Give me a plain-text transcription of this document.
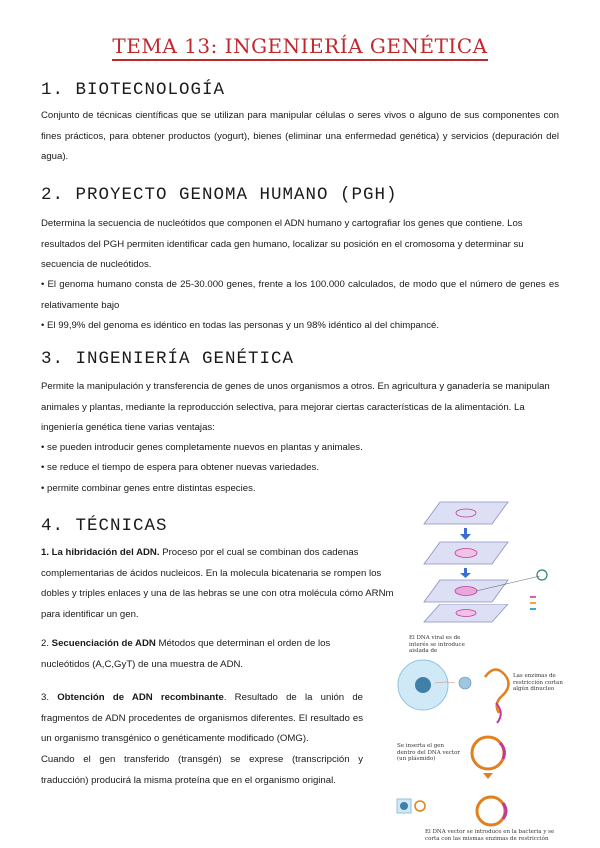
TEMA 13: INGENIERÍA GENÉTICA
1. BIOTECNOLOGÍA
Conjunto de técnicas científicas que se utilizan para manipular células o seres vivos o alguno de sus componentes con fines prácticos, para obtener productos (yogurt), bienes (eliminar una enfermedad genética) y servicios (depuración del agua).
2. PROYECTO GENOMA HUMANO (PGH)
Determina la secuencia de nucleótidos que componen el ADN humano y cartografiar los genes que contiene. Los resultados del PGH permiten identificar cada gen humano, localizar su posición en el cromosoma y determinar su secuencia de nucleótidos.
• El genoma humano consta de 25-30.000 genes, frente a los 100.000 calculados, de modo que el número de genes es relativamente bajo
• El 99,9% del genoma es idéntico en todas las personas y un 98% idéntico al del chimpancé.
3. INGENIERÍA GENÉTICA
Permite la manipulación y transferencia de genes de unos organismos a otros. En agricultura y ganadería se manipulan animales y plantas, mediante la reproducción selectiva, para mejorar ciertas características de la alimentación. La ingeniería genética tiene varias ventajas:
• se pueden introducir genes completamente nuevos en plantas y animales.
• se reduce el tiempo de espera para obtener nuevas variedades.
• permite combinar genes entre distintas especies.
4. TÉCNICAS
1. La hibridación del ADN. Proceso por el cual se combinan dos cadenas complementarias de ácidos nucleicos. En la molecula bicatenaria se rompen los dobles y triples enlaces y una de las hebras se une con otra molécula cómo ARNm para identificar un gen.
2. Secuenciación de ADN Métodos que determinan el orden de los nucleótidos (A,C,GyT) de una muestra de ADN.
3. Obtención de ADN recombinante. Resultado de la unión de fragmentos de ADN procedentes de organismos diferentes. El resultado es un organismo transgénico o genéticamente modificado (OMG).
Cuando el gen transferido (transgén) se exprese (transcripción y traducción) producirá la misma proteína que en el organismo original.
El DNA viral es de interés se introduce aislada de
Las enzimas de restricción cortan algún dinucleo
Se inserta el gen dentro del DNA vector (un plásmido)
El DNA vector se introduce en la bacteria y se corta con las mismas enzimas de restricción
